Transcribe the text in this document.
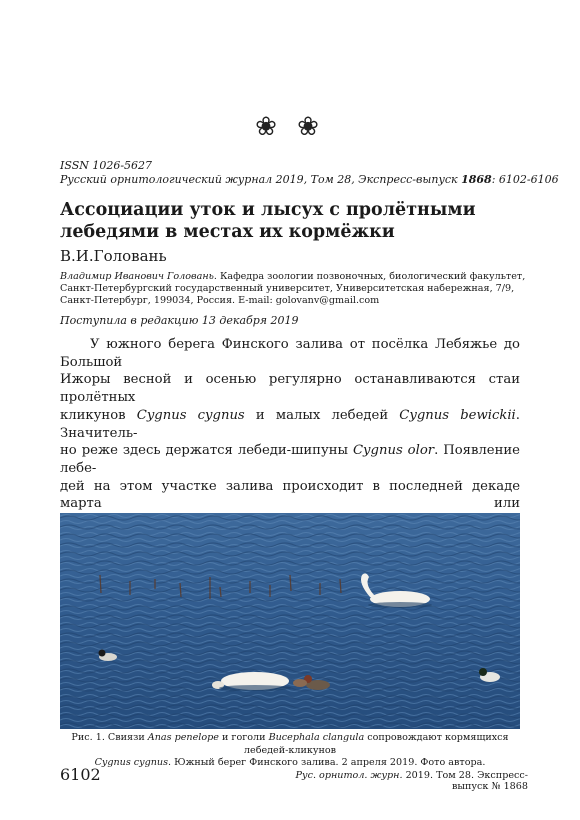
❀ ❀
ISSN 1026-5627
Русский орнитологический журнал 2019, Том 28, Экспресс-выпуск 1868: 6102-6106
Ассоциации уток и лысух с пролётными
лебедями в местах их кормёжки
В.И.Головань
Владимир Иванович Головань. Кафедра зоологии позвоночных, биологический факультет,
Санкт-Петербургский государственный университет, Университетская набережная, 7/9,
Санкт-Петербург, 199034, Россия. E-mail: golovanv@gmail.com
Поступила в редакцию 13 декабря 2019
У южного берега Финского залива от посёлка Лебяжье до Большой
Ижоры весной и осенью регулярно останавливаются стаи пролётных
кликунов Cygnus cygnus и малых лебедей Cygnus bewickii. Значитель-
но реже здесь держатся лебеди-шипуны Cygnus olor. Появление лебе-
дей на этом участке залива происходит в последней декаде марта или
Рис. 1. Свиязи Anas penelope и гоголи Bucephala clangula сопровождают кормящихся лебедей-кликунов
Cygnus cygnus. Южный берег Финского залива. 2 апреля 2019. Фото автора.
6102	Рус. орнитол. журн. 2019. Том 28. Экспресс-выпуск № 1868
